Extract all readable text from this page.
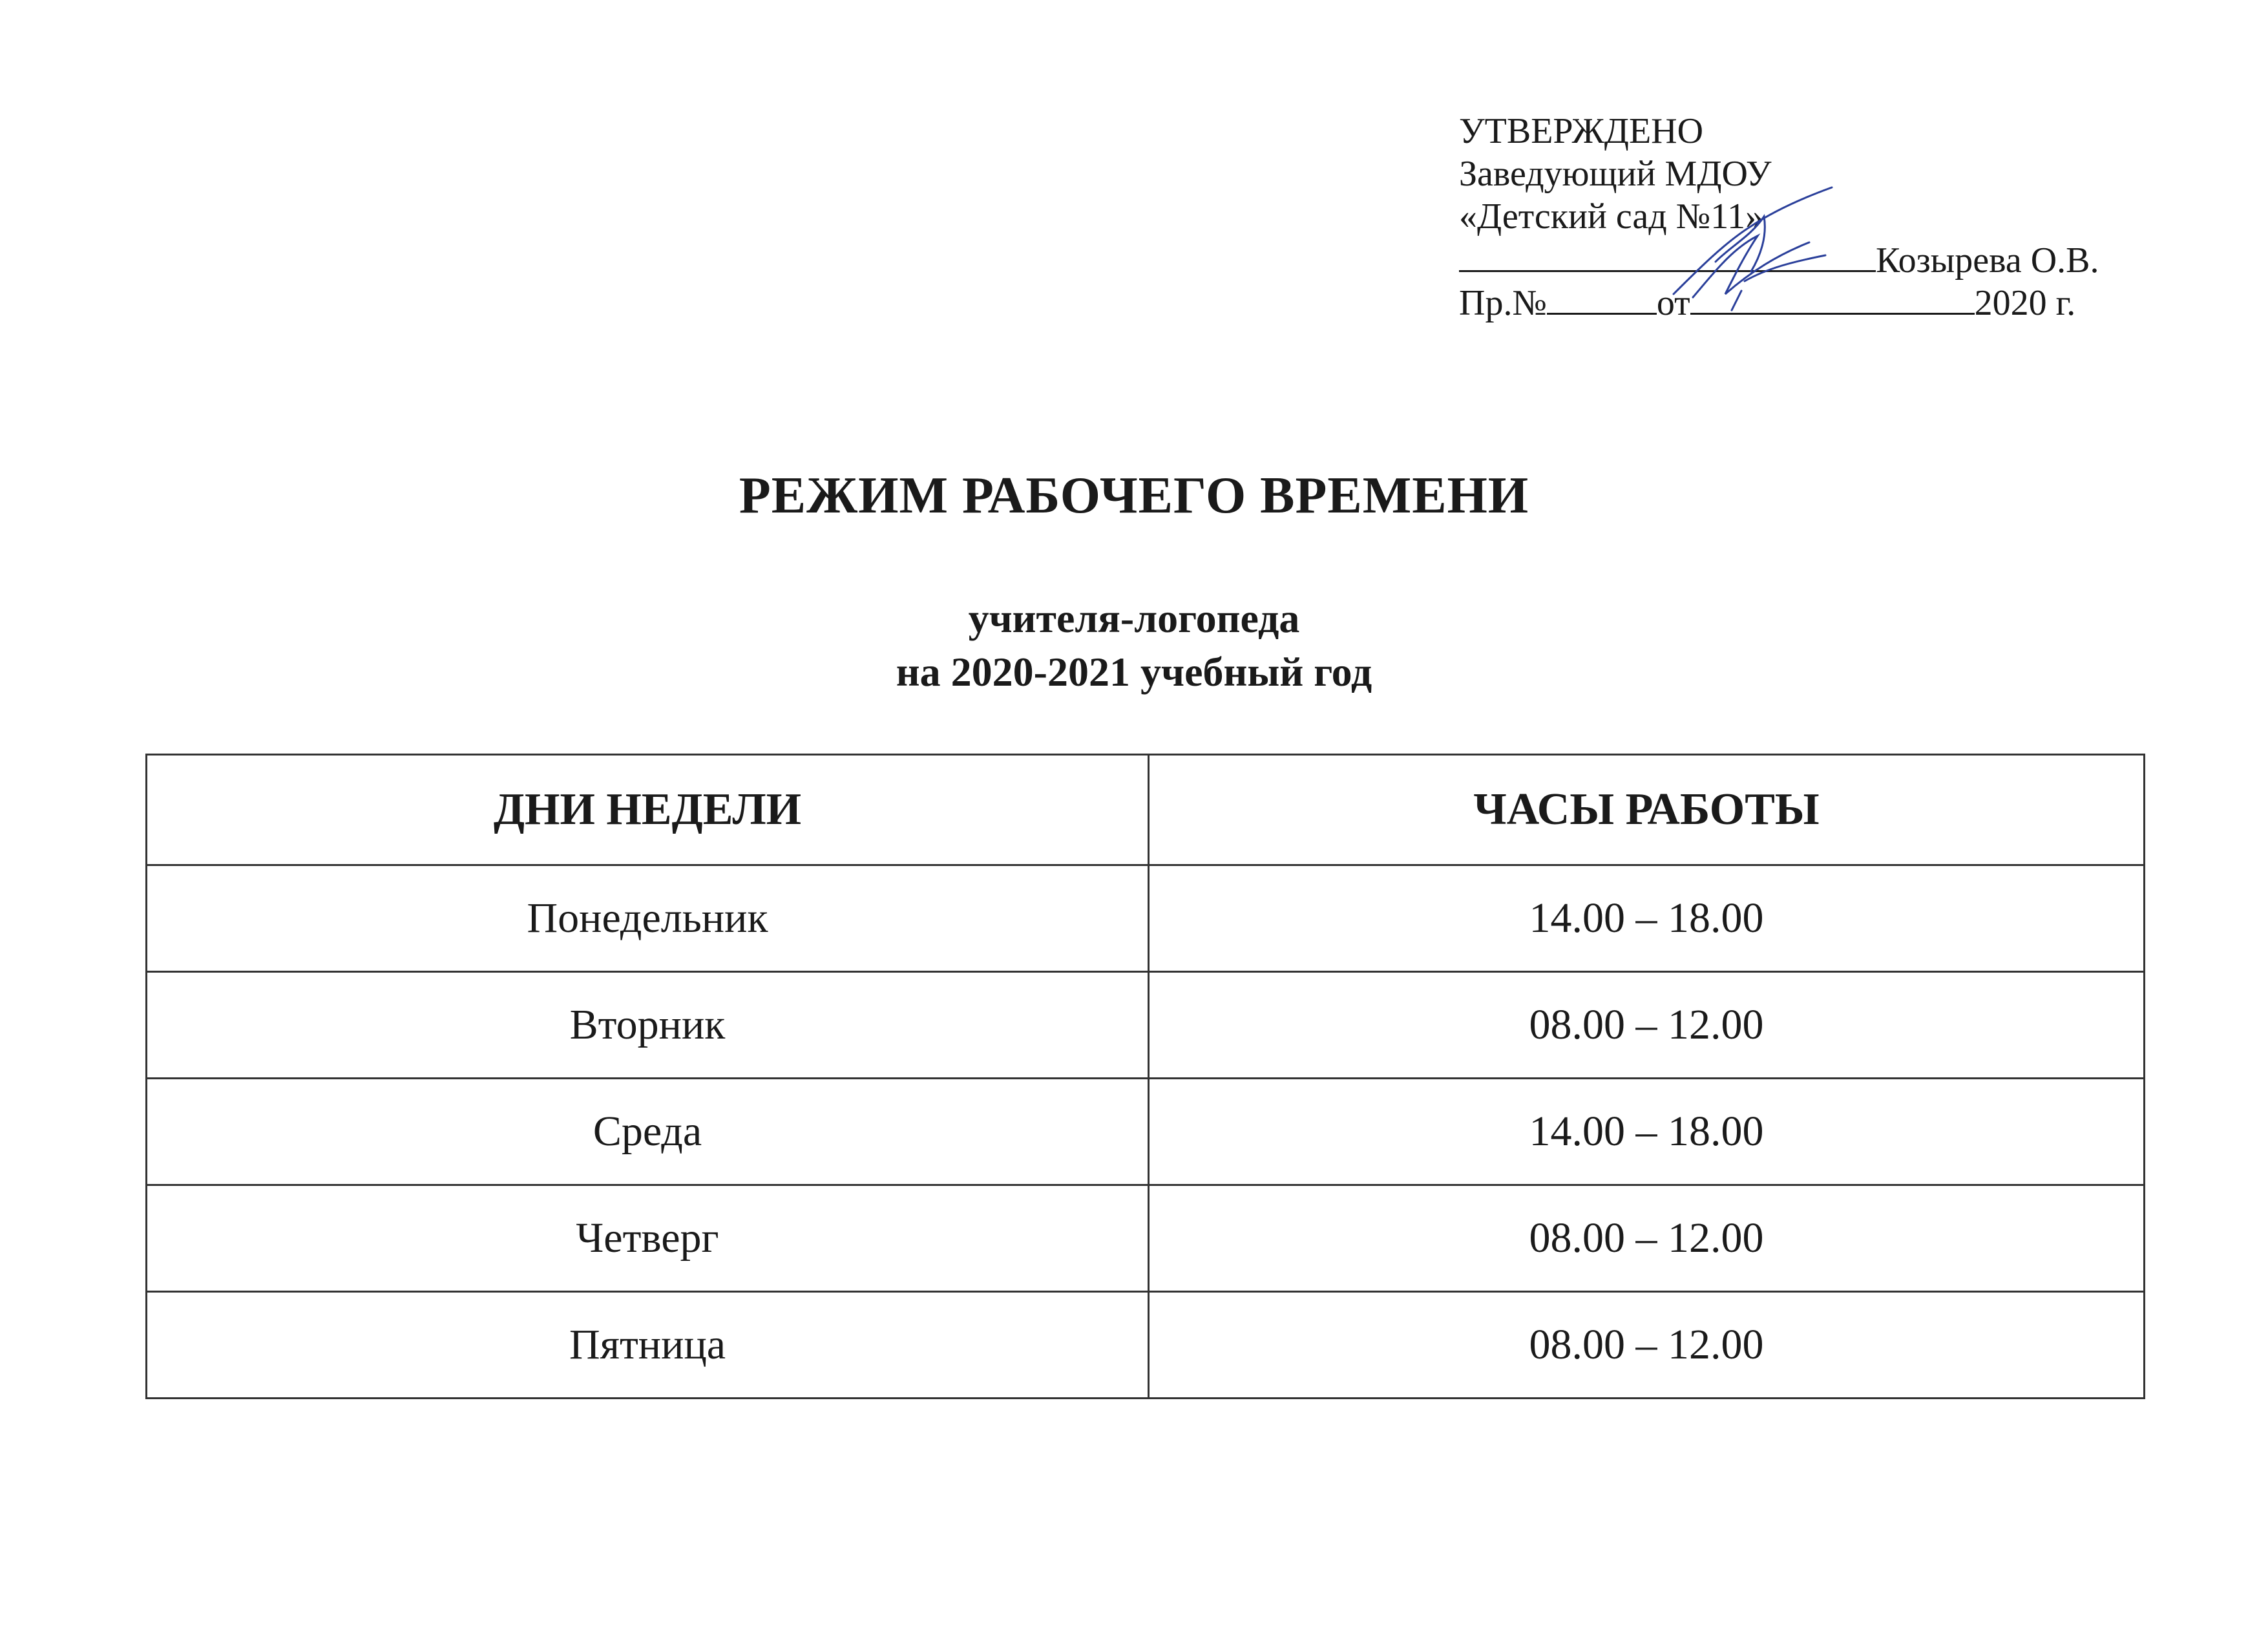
УТВЕРЖДЕНО
Заведующий МДОУ
«Детский сад №11»
Козырева О.В.
Пр.№	от	2020 г.
РЕЖИМ РАБОЧЕГО ВРЕМЕНИ
учителя-логопеда
на 2020-2021 учебный год
ДНИ НЕДЕЛИ	ЧАСЫ РАБОТЫ
Понедельник	14.00 – 18.00
Вторник	08.00 – 12.00
Среда	14.00 – 18.00
Четверг	08.00 – 12.00
Пятница	08.00 – 12.00
